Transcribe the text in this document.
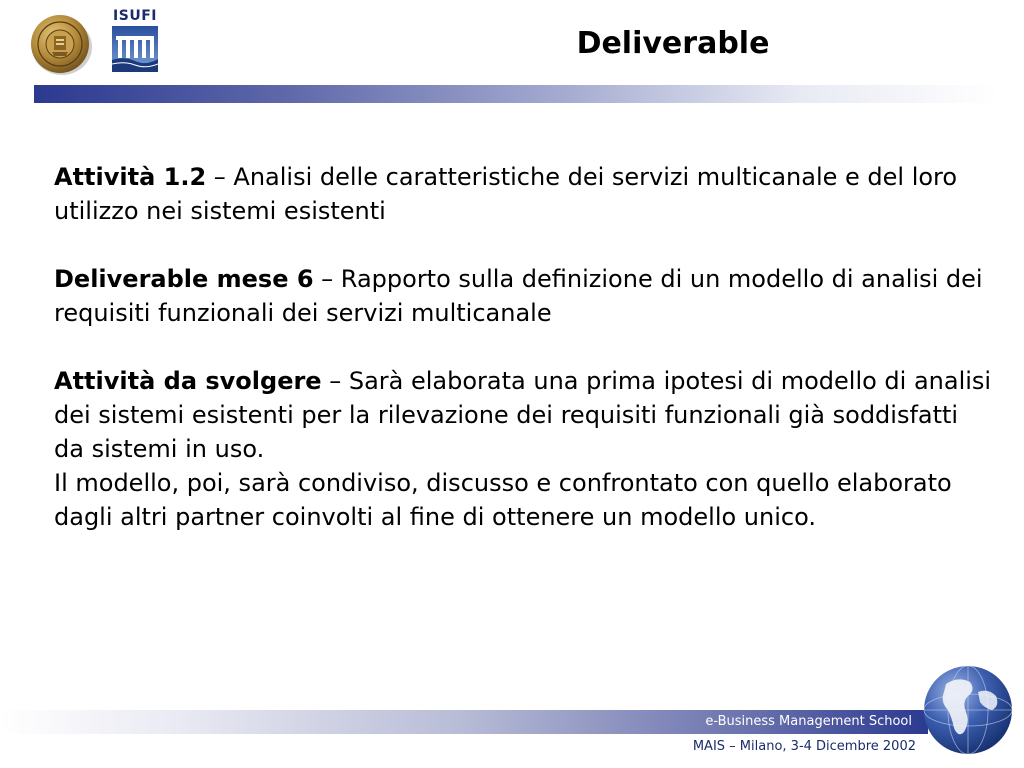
ISUFI
Deliverable

Attività 1.2 – Analisi delle caratteristiche dei servizi multicanale e del loro utilizzo nei sistemi esistenti

Deliverable mese 6 – Rapporto sulla definizione di un modello di analisi dei requisiti funzionali dei servizi multicanale

Attività da svolgere – Sarà elaborata una prima ipotesi di modello di analisi dei sistemi esistenti per la rilevazione dei requisiti funzionali già soddisfatti da sistemi in uso.

Il modello, poi, sarà condiviso, discusso e confrontato con quello elaborato dagli altri partner coinvolti al fine di ottenere un modello unico.

e-Business Management School
MAIS – Milano, 3-4 Dicembre 2002
